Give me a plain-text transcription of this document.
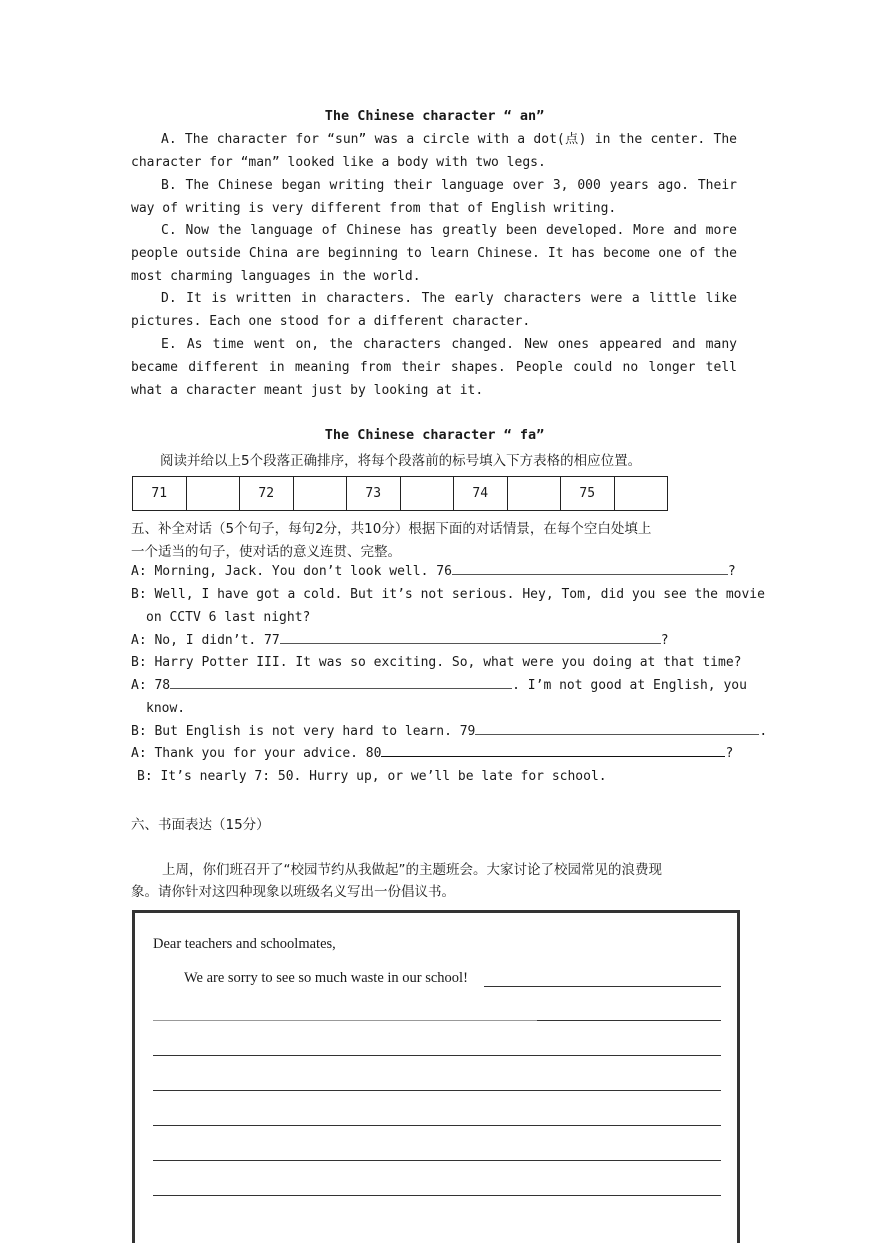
The Chinese character “ an”
A. The character for “sun” was a circle with a dot(点) in the center. The character for “man” looked like a body with two legs.
B. The Chinese began writing their language over 3, 000 years ago. Their way of writing is very different from that of English writing.
C. Now the language of Chinese has greatly been developed. More and more people outside China are beginning to learn Chinese. It has become one of the most charming languages in the world.
D. It is written in characters. The early characters were a little like pictures. Each one stood for a different character.
E. As time went on, the characters changed. New ones appeared and many became different in meaning from their shapes. People could no longer tell what a character meant just by looking at it.
The Chinese character “ fa”
阅读并给以上5个段落正确排序，将每个段落前的标号填入下方表格的相应位置。
71		72		73		74		75	
五、补全对话（5个句子，每句2分，共10分）根据下面的对话情景，在每个空白处填上
一个适当的句子，使对话的意义连贯、完整。
A: Morning, Jack. You don’t look well. 76	?
B: Well, I have got a cold. But it’s not serious. Hey, Tom, did you see the movie
on CCTV 6 last night?
A: No, I didn’t. 77	?
B: Harry Potter III. It was so exciting. So, what were you doing at that time?
A: 78	. I’m not good at English, you
know.
B: But English is not very hard to learn. 79	.
A: Thank you for your advice. 80	?
B: It’s nearly 7: 50. Hurry up, or we’ll be late for school.
六、书面表达（15分）
上周，你们班召开了“校园节约从我做起”的主题班会。大家讨论了校园常见的浪费现
象。请你针对这四种现象以班级名义写出一份倡议书。
Dear teachers and schoolmates,
We are sorry to see so much waste in our school!
